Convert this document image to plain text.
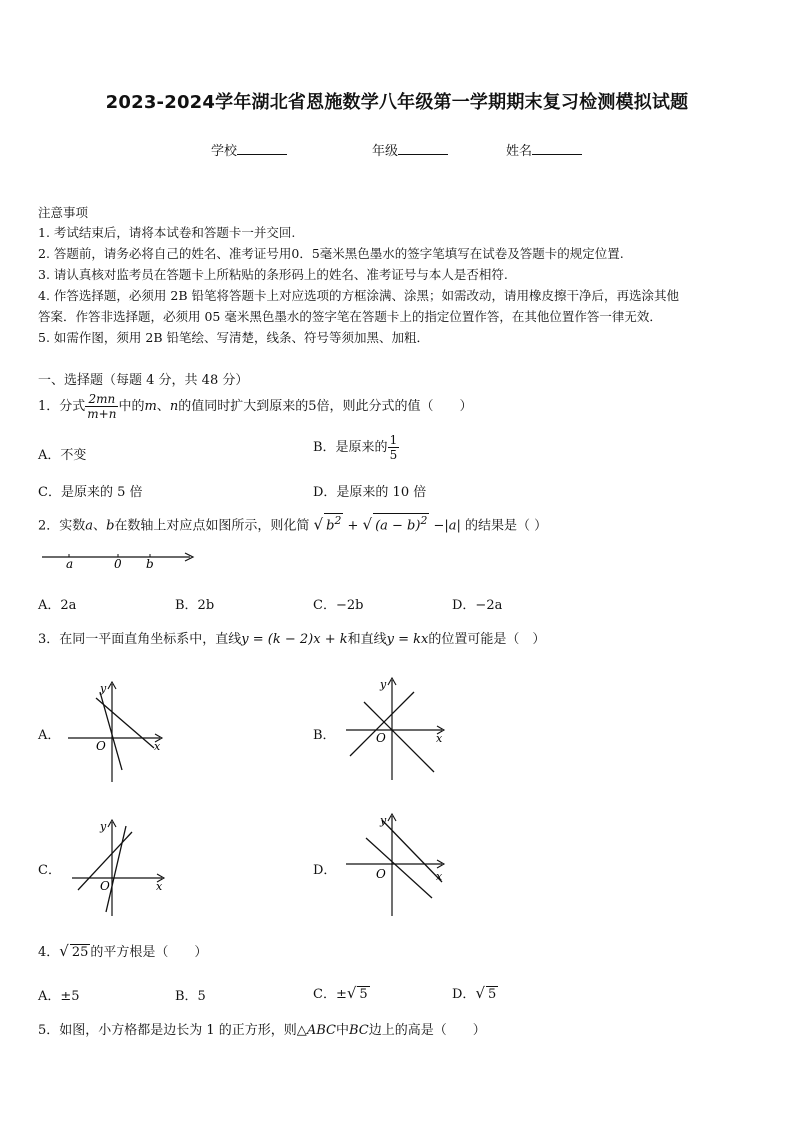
2023-2024学年湖北省恩施数学八年级第一学期期末复习检测模拟试题
学校	年级	姓名
注意事项
1. 考试结束后，请将本试卷和答题卡一并交回.
2. 答题前，请务必将自己的姓名、准考证号用0．5毫米黑色墨水的签字笔填写在试卷及答题卡的规定位置.
3. 请认真核对监考员在答题卡上所粘贴的条形码上的姓名、准考证号与本人是否相符.
4. 作答选择题，必须用 2B 铅笔将答题卡上对应选项的方框涂满、涂黑；如需改动，请用橡皮擦干净后，再选涂其他
答案．作答非选择题，必须用 05 毫米黑色墨水的签字笔在答题卡上的指定位置作答，在其他位置作答一律无效．
5. 如需作图，须用 2B 铅笔绘、写清楚，线条、符号等须加黑、加粗．
一、选择题（每题 4 分，共 48 分）
1．分式 $\frac{2mn}{m+n}$ 中的m、n的值同时扩大到原来的5倍，则此分式的值（　　）
A．不变
B．是原来的 $\frac{1}{5}$
C．是原来的 5 倍	D．是原来的 10 倍
2．实数a、b在数轴上对应点如图所示，则化简 √ $b^2$ + √ $(a - b)^2 -|a|$ 的结果是（ ）
a	0 b
A．2a	B．2b	C．−2b	D．−2a
3．在同一平面直角坐标系中，直线y = (k − 2)x + k和直线y = kx的位置可能是（　）
A．	B．
C．	D．
y
x
O
y
x
O
y
x
O
y
x
O
4．√ 25 的平方根是（　　）
A．±5	B．5	C．±√ 5	D．√ 5
5．如图，小方格都是边长为 1 的正方形，则△ABC中BC边上的高是（　　）
